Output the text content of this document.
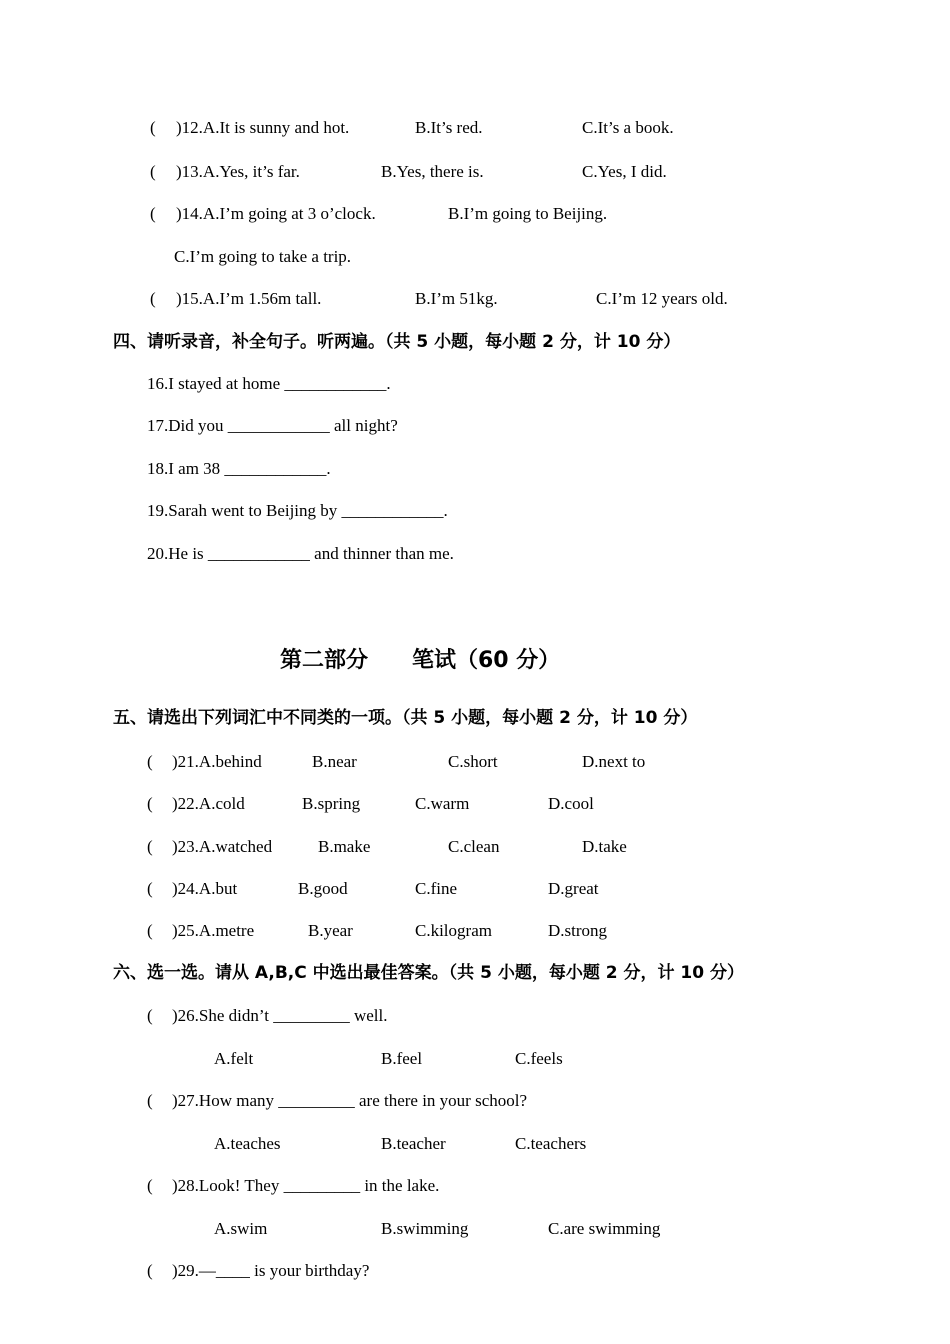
( )12.A.It is sunny and hot.	B.It’s red.	C.It’s a book.
( )13.A.Yes, it’s far.	B.Yes, there is.	C.Yes, I did.
( )14.A.I’m going at 3 o’clock.	B.I’m going to Beijing.
C.I’m going to take a trip.
( )15.A.I’m 1.56m tall.	B.I’m 51kg.	C.I’m 12 years old.
四、请听录音，补全句子。听两遍。（共 5 小题，每小题 2 分，计 10 分）
16.I stayed at home ____________.
17.Did you ____________ all night?
18.I am 38 ____________.
19.Sarah went to Beijing by ____________.
20.He is ____________ and thinner than me.
第二部分　　笔试（60 分）
五、请选出下列词汇中不同类的一项。（共 5 小题，每小题 2 分，计 10 分）
( )21.A.behind	B.near	C.short	D.next to
( )22.A.cold	B.spring	C.warm	D.cool
( )23.A.watched	B.make	C.clean	D.take
( )24.A.but	B.good	C.fine	D.great
( )25.A.metre	B.year	C.kilogram	D.strong
六、选一选。请从 A,B,C 中选出最佳答案。（共 5 小题，每小题 2 分，计 10 分）
( )26.She didn’t _________ well.
A.felt	B.feel	C.feels
( )27.How many _________ are there in your school?
A.teaches	B.teacher	C.teachers
( )28.Look! They _________ in the lake.
A.swim	B.swimming	C.are swimming
( )29.—____ is your birthday?
